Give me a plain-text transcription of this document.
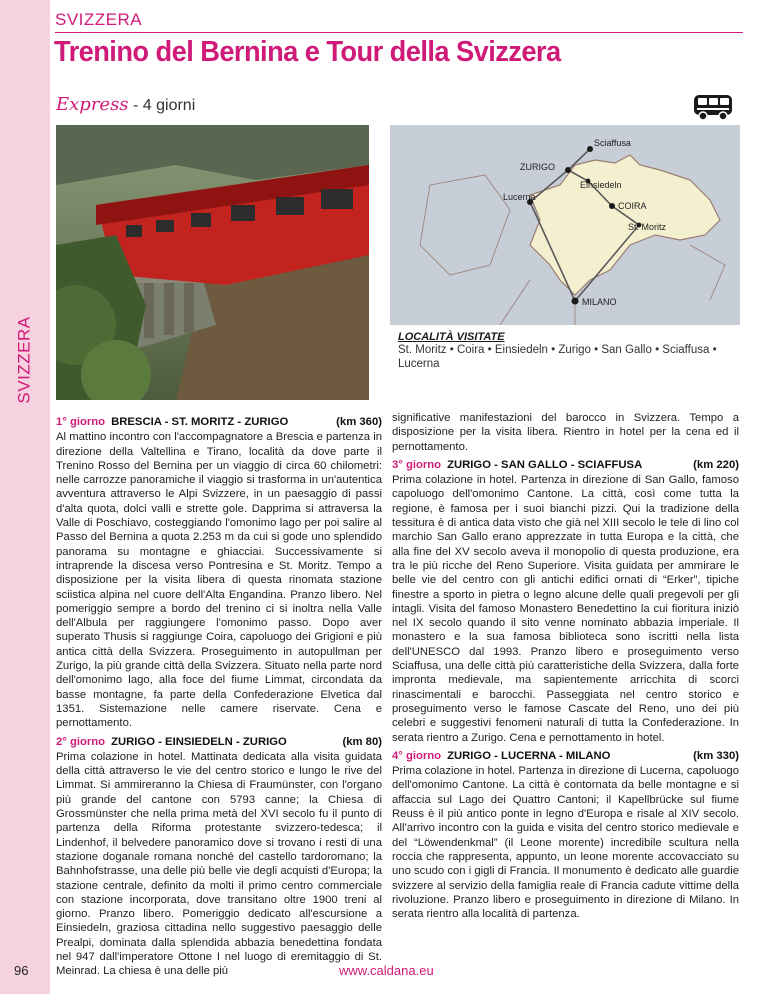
SVIZZERA
96
SVIZZERA
Trenino del Bernina e Tour della Svizzera
Express - 4 giorni
Sciaffusa
ZURIGO
Einsiedeln
Lucerna
COIRA
St. Moritz
MILANO
LOCALITÀ VISITATE
St. Moritz • Coira • Einsiedeln • Zurigo • San Gallo • Sciaffusa • Lucerna
1° giorno BRESCIA - ST. MORITZ - ZURIGO	(km 360)

Al mattino incontro con l'accompagnatore a Brescia e partenza in direzione della Valtellina e Tirano, località da dove parte il Trenino Rosso del Bernina per un viaggio di circa 60 chilometri: nelle carrozze panoramiche il viaggio si trasforma in un'autentica avventura attraverso le Alpi Svizzere, in un paesaggio di passi d'alta quota, dolci valli e strette gole. Dapprima si attraversa la Valle di Poschiavo, costeggiando l'omonimo lago per poi salire al Passo del Bernina a quota 2.253 m da cui si gode uno splendido panorama su montagne e ghiacciai. Successivamente si intraprende la discesa verso Pontresina e St. Moritz. Tempo a disposizione per la visita libera di questa rinomata stazione sciistica alpina nel cuore dell'Alta Engandina. Pranzo libero. Nel pomeriggio sempre a bordo del trenino ci si inoltra nella Valle dell'Albula per raggiungere l'omonimo passo. Dopo aver superato Thusis si raggiunge Coira, capoluogo dei Grigioni e più antica città della Svizzera. Proseguimento in autopullman per Zurigo, la più grande città della Svizzera. Situato nella parte nord dell'omonimo lago, alla foce del fiume Limmat, circondata da basse montagne, fa parte della Confederazione Elvetica dal 1351. Sistemazione nelle camere riservate. Cena e pernottamento.

2° giorno ZURIGO - EINSIEDELN - ZURIGO	(km 80)

Prima colazione in hotel. Mattinata dedicata alla visita guidata della città attraverso le vie del centro storico e lungo le rive del Limmat. Si ammireranno la Chiesa di Fraumünster, con l'organo più grande del cantone con 5793 canne; la Chiesa di Grossmünster che nella prima metà del XVI secolo fu il punto di partenza della Riforma protestante svizzero-tedesca; il Lindenhof, il belvedere panoramico dove si trovano i resti di una stazione doganale romana nonché del castello tardoromano; la Bahnhofstrasse, una delle più belle vie degli acquisti d'Europa; la stazione centrale, definito da molti il primo centro commerciale con stazione incorporata, dove transitano oltre 1900 treni al giorno. Pranzo libero. Pomeriggio dedicato all'escursione a Einsiedeln, graziosa cittadina nello suggestivo paesaggio delle Prealpi, dominata dalla splendida abbazia benedettina fondata nel 947 dall'imperatore Ottone I nel luogo di eremitaggio di St. Meinrad. La chiesa è una delle più

significative manifestazioni del barocco in Svizzera. Tempo a disposizione per la visita libera. Rientro in hotel per la cena ed il pernottamento.

3° giorno ZURIGO - SAN GALLO - SCIAFFUSA	(km 220)

Prima colazione in hotel. Partenza in direzione di San Gallo, famoso capoluogo dell'omonimo Cantone. La città, così come tutta la regione, è famosa per i suoi bianchi pizzi. Qui la tradizione della tessitura è di antica data visto che già nel XIII secolo le tele di lino col marchio San Gallo erano apprezzate in tutta Europa e la città, che alla fine del XV secolo aveva il monopolio di questa produzione, era tra le più ricche del Reno Superiore. Visita guidata per ammirare le belle vie del centro con gli antichi edifici ornati di “Erker”, tipiche finestre a sporto in pietra o legno alcune delle quali pregevoli per gli intagli. Visita del famoso Monastero Benedettino la cui fioritura iniziò nel IX secolo quando il sito venne nominato abbazia imperiale. Il monastero e la sua famosa biblioteca sono iscritti nella lista dell'UNESCO dal 1993. Pranzo libero e proseguimento verso Sciaffusa, una delle città più caratteristiche della Svizzera, dalla forte impronta medievale, ma sapientemente arricchita di scorci rinascimentali e barocchi. Passeggiata nel centro storico e proseguimento verso le famose Cascate del Reno, uno dei più celebri e suggestivi fenomeni naturali di tutta la Confederazione. In serata rientro a Zurigo. Cena e pernottamento in hotel.

4° giorno ZURIGO - LUCERNA - MILANO	(km 330)

Prima colazione in hotel. Partenza in direzione di Lucerna, capoluogo dell'omonimo Cantone. La città è contornata da belle montagne e si affaccia sul Lago dei Quattro Cantoni; il Kapellbrücke sul fiume Reuss è il più antico ponte in legno d'Europa e risale al XIV secolo. All'arrivo incontro con la guida e visita del centro storico medievale e del “Löwendenkmal” (il Leone morente) incredibile scultura nella roccia che rappresenta, appunto, un leone morente accovacciato su uno scudo con i gigli di Francia. Il monumento è dedicato alle guardie svizzere al servizio della famiglia reale di Francia cadute vittime della rivoluzione. Pranzo libero e proseguimento in direzione di Milano. In serata rientro alla località di partenza.

www.caldana.eu
